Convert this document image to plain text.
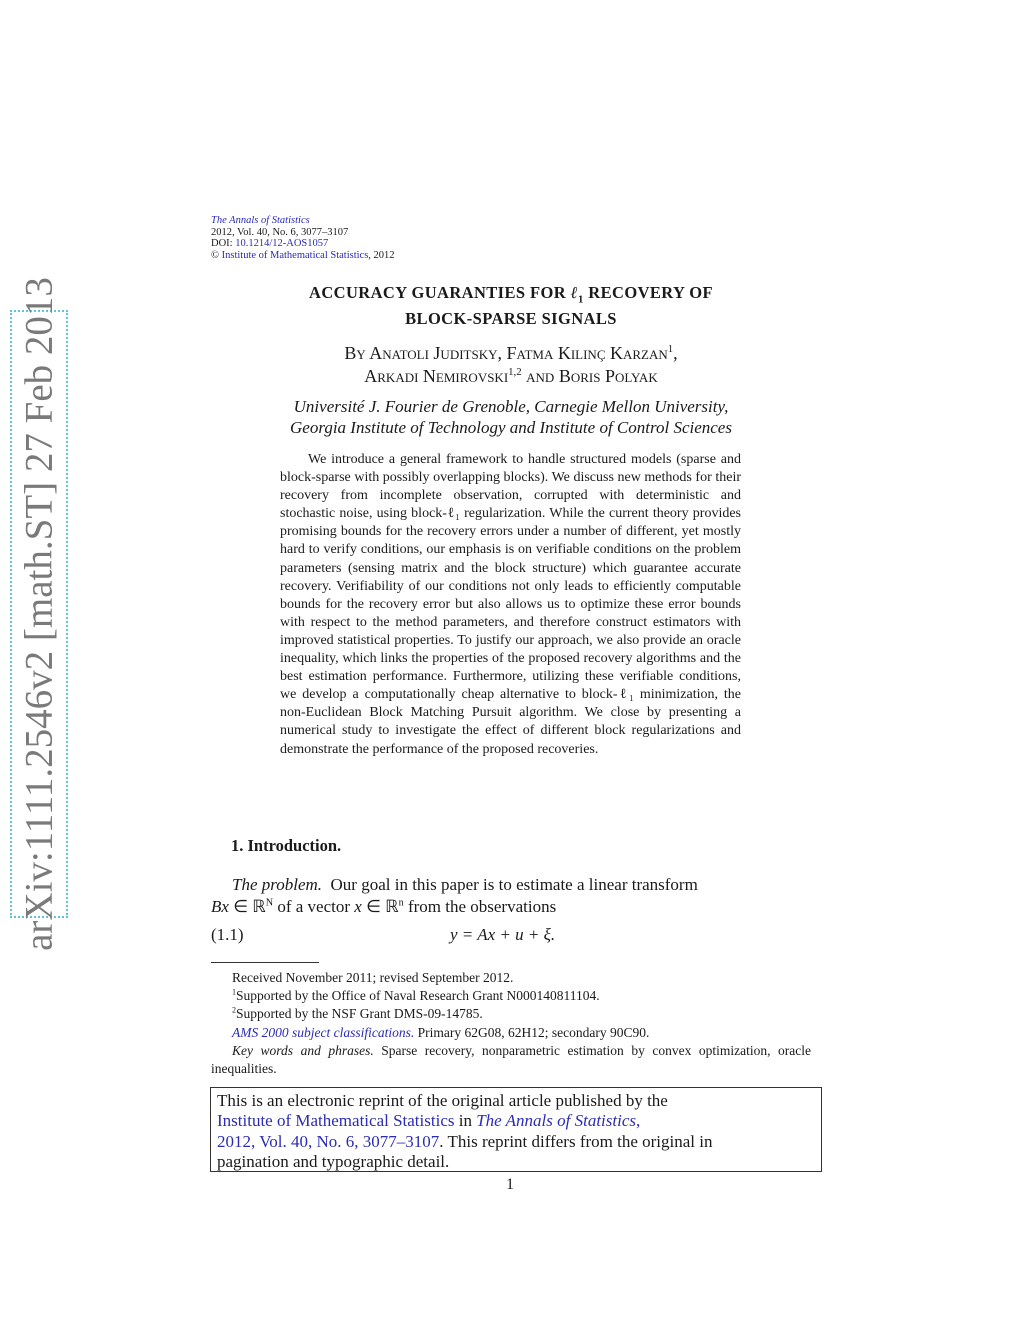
arXiv:1111.2546v2 [math.ST] 27 Feb 2013
The Annals of Statistics
2012, Vol. 40, No. 6, 3077–3107
DOI: 10.1214/12-AOS1057
© Institute of Mathematical Statistics, 2012
ACCURACY GUARANTIES FOR ℓ$_1$ RECOVERY OF
BLOCK-SPARSE SIGNALS
By Anatoli Juditsky, Fatma Kılınç Karzan$^1$,
Arkadi Nemirovski$^{1,2}$ and Boris Polyak
Université J. Fourier de Grenoble, Carnegie Mellon University,
Georgia Institute of Technology and Institute of Control Sciences
We introduce a general framework to handle structured models (sparse and block-sparse with possibly overlapping blocks). We discuss new methods for their recovery from incomplete observation, corrupted with deterministic and stochastic noise, using block-ℓ₁ regularization. While the current theory provides promising bounds for the recovery errors under a number of different, yet mostly hard to verify conditions, our emphasis is on verifiable conditions on the problem parameters (sensing matrix and the block structure) which guarantee accurate recovery. Verifiability of our conditions not only leads to efficiently computable bounds for the recovery error but also allows us to optimize these error bounds with respect to the method parameters, and therefore construct estimators with improved statistical properties. To justify our approach, we also provide an oracle inequality, which links the properties of the proposed recovery algorithms and the best estimation performance. Furthermore, utilizing these verifiable conditions, we develop a computationally cheap alternative to block-ℓ₁ minimization, the non-Euclidean Block Matching Pursuit algorithm. We close by presenting a numerical study to investigate the effect of different block regularizations and demonstrate the performance of the proposed recoveries.
1. Introduction.
The problem. Our goal in this paper is to estimate a linear transform
Bx ∈ ℝ$^N$ of a vector x ∈ ℝ$^n$ from the observations
(1.1)	y = Ax + u + ξ.
Received November 2011; revised September 2012.
$^1$Supported by the Office of Naval Research Grant N000140811104.
$^2$Supported by the NSF Grant DMS-09-14785.
AMS 2000 subject classifications. Primary 62G08, 62H12; secondary 90C90.
Key words and phrases. Sparse recovery, nonparametric estimation by convex optimization, oracle inequalities.
This is an electronic reprint of the original article published by the
Institute of Mathematical Statistics in The Annals of Statistics,
2012, Vol. 40, No. 6, 3077–3107. This reprint differs from the original in
pagination and typographic detail.
1
